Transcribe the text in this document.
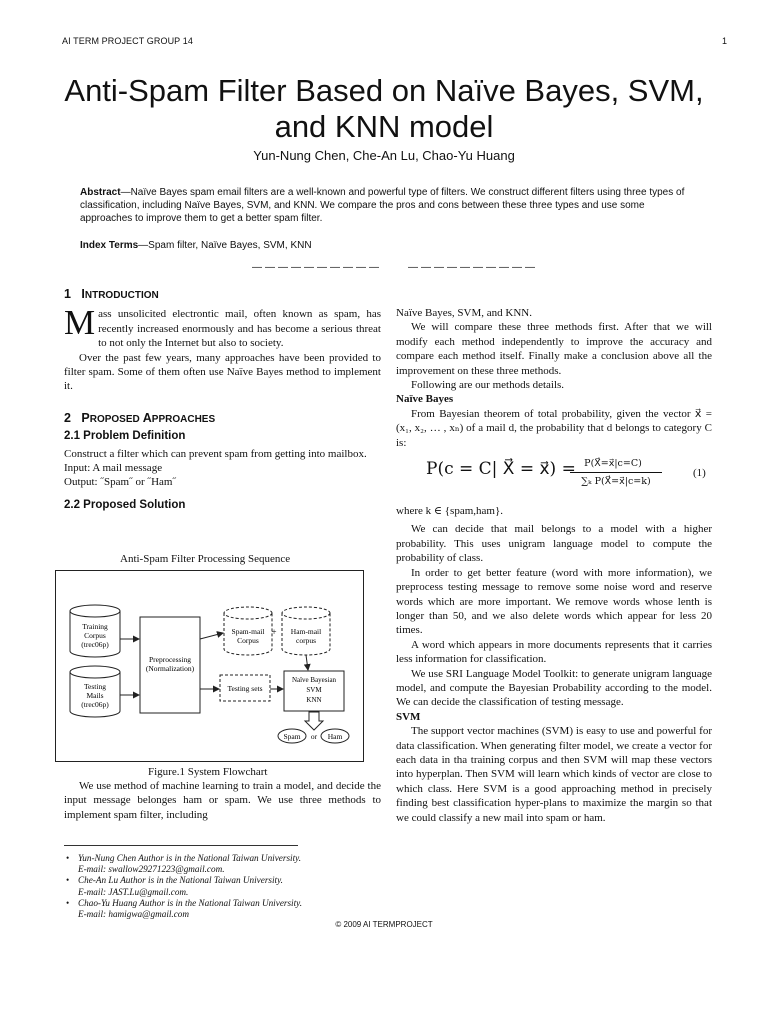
AI TERM PROJECT GROUP 14	1
Anti-Spam Filter Based on Naïve Bayes, SVM, and KNN model
Yun-Nung Chen, Che-An Lu, Chao-Yu Huang

Abstract—Naïve Bayes spam email filters are a well-known and powerful type of filters. We construct different filters using three types of classification, including Naïve Bayes, SVM, and KNN. We compare the pros and cons between these three types and use some approaches to improve them to get a better spam filter.

Index Terms—Spam filter, Naïve Bayes, SVM, KNN

——————————	——————————
1 INTRODUCTION

Mass unsolicited electrontic mail, often known as spam, has recently increased enormously and has become a serious threat to not only the Internet but also to society.

Over the past few years, many approaches have been provided to filter spam. Some of them often use Naïve Bayes method to implement it.

2 PROPOSED APPROACHES
2.1 Problem Definition

Construct a filter which can prevent spam from getting into mailbox.

Input: A mail message

Output: ˝Spam˝ or ˝Ham˝

2.2 Proposed Solution
Anti-Spam Filter Processing Sequence
Training
Corpus
(trec06p)
Testing
Mails
(trec06p)
Preprocessing
(Normalization)
Spam-mail
Corpus
+ Ham-mail
corpus
Testing sets
Naïve Bayesian
SVM
KNN
Spam or Ham
Figure.1 System Flowchart

We use method of machine learning to train a model, and decide the input message belonges ham or spam. We use three methods to implement spam filter, including

• Yun-Nung Chen Author is in the National Taiwan University.
E-mail: swallow29271223@gmail.com.
• Che-An Lu Author is in the National Taiwan University.
E-mail: JAST.Lu@gmail.com.
• Chao-Yu Huang Author is in the National Taiwan University.
E-mail: hamigwa@gmail.com

Naïve Bayes, SVM, and KNN.

We will compare these three methods first. After that we will modify each method independently to improve the accuracy and compare each method itself. Finally make a conclusion above all the improvement on these three methods.

Following are our methods details.

Naïve Bayes

From Bayesian theorem of total probability, given the vector x⃗ = (x₁, x₂, … , xₙ) of a mail d, the probability that d belongs to category C is:

P(c = C| X⃗ = x⃗) = P(X⃗=x⃗|c=C)
∑ₖ P(X⃗=x⃗|c=k)
(1)

where k ∈ {spam,ham}.

We can decide that mail belongs to a model with a higher probability. This uses unigram language model to compute the probability of class.

In order to get better feature (word with more information), we preprocess testing message to remove some noise word and reserve words which are more important. We remove words whose lenth is longer than 50, and we also delete words which appear for less 20 times.

A word which appears in more documents represents that it carries less information for classification.

We use SRI Language Model Toolkit: to generate unigram language model, and compute the Bayesian Probability according to the model. We can decide the classification of testing message.

SVM

The support vector machines (SVM) is easy to use and powerful for data classification. When generating filter model, we create a vector for each data in tha training corpus and then SVM will map these vectors into hyperplan. Then SVM will learn which kinds of vector are close to which class. Here SVM is a good approaching method in precisely finding best classification hyper-plans to maximize the margin so that we could classify a new mail into spam or ham.

© 2009 AI TERMPROJECT
